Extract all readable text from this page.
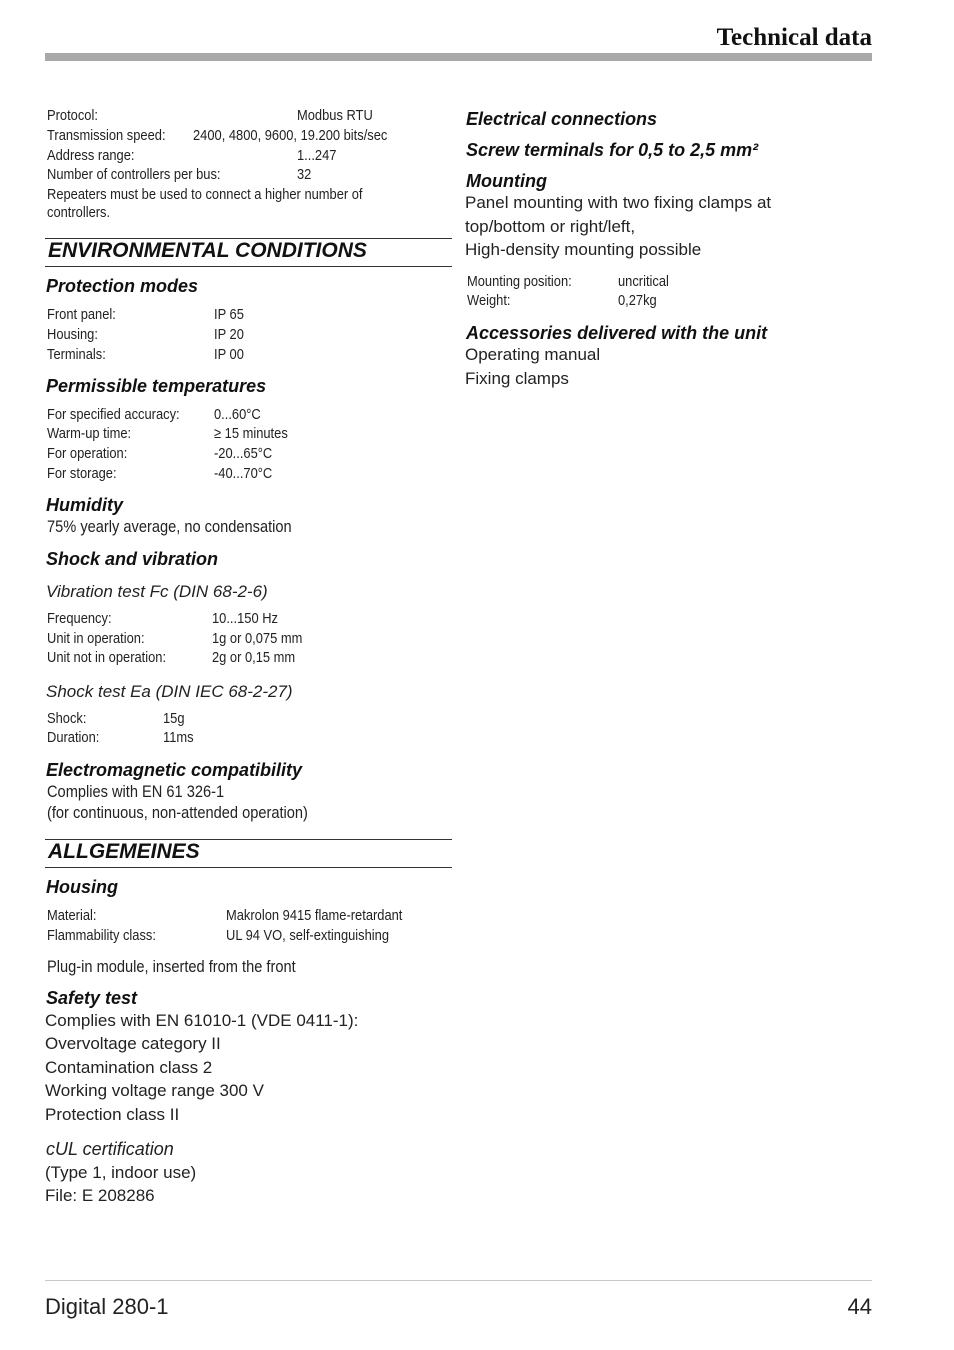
Technical data
Protocol:	Modbus RTU
Transmission speed: 2400, 4800, 9600, 19.200 bits/sec
Address range:	1...247
Number of controllers per bus:	32
Repeaters must be used to connect a higher number of
controllers.
ENVIRONMENTAL CONDITIONS
Protection modes
Front panel:	IP 65
Housing:	IP 20
Terminals:	IP 00
Permissible temperatures
For specified accuracy: 0...60°C
Warm-up time:	≥ 15 minutes
For operation:	-20...65°C
For storage:	-40...70°C
Humidity
75% yearly average, no condensation
Shock and vibration
Vibration test Fc (DIN 68-2-6)
Frequency:	10...150 Hz
Unit in operation:	1g or 0,075 mm
Unit not in operation:	2g or 0,15 mm
Shock test Ea (DIN IEC 68-2-27)
Shock:	15g
Duration:	11ms
Electromagnetic compatibility
Complies with EN 61 326-1
(for continuous, non-attended operation)
ALLGEMEINES
Housing
Material:	Makrolon 9415 flame-retardant
Flammability class:	UL 94 VO, self-extinguishing
Plug-in module, inserted from the front
Safety test
Complies with EN 61010-1 (VDE 0411-1):
Overvoltage category II
Contamination class 2
Working voltage range 300 V
Protection class II
cUL certification
(Type 1, indoor use)
File: E 208286
Electrical connections
Screw terminals for 0,5 to 2,5 mm²
Mounting
Panel mounting with two fixing clamps at
top/bottom or right/left,
High-density mounting possible
Mounting position:	uncritical
Weight:	0,27kg
Accessories delivered with the unit
Operating manual
Fixing clamps
Digital 280-1	44
